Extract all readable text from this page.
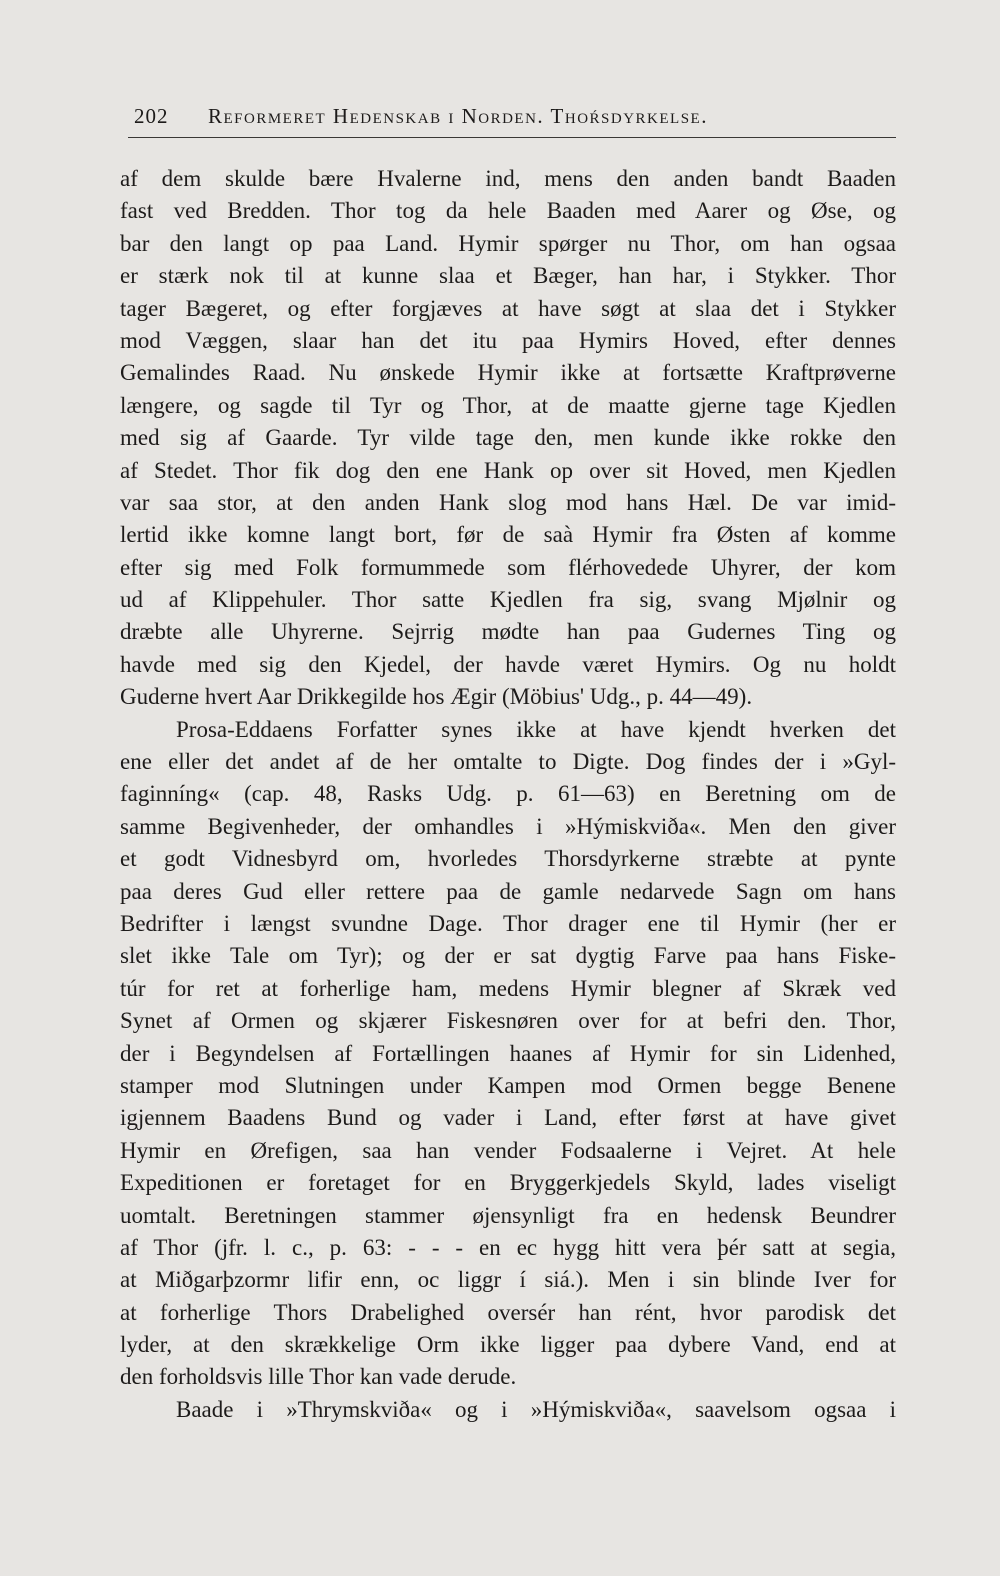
202 Reformeret Hedenskab i Norden. Thoŕsdyrkelse.
af dem skulde bære Hvalerne ind, mens den anden bandt Baaden
fast ved Bredden. Thor tog da hele Baaden med Aarer og Øse, og
bar den langt op paa Land. Hymir spørger nu Thor, om han ogsaa
er stærk nok til at kunne slaa et Bæger, han har, i Stykker. Thor
tager Bægeret, og efter forgjæves at have søgt at slaa det i Stykker
mod Væggen, slaar han det itu paa Hymirs Hoved, efter dennes
Gemalindes Raad. Nu ønskede Hymir ikke at fortsætte Kraftprøverne
længere, og sagde til Tyr og Thor, at de maatte gjerne tage Kjedlen
med sig af Gaarde. Tyr vilde tage den, men kunde ikke rokke den
af Stedet. Thor fik dog den ene Hank op over sit Hoved, men Kjedlen
var saa stor, at den anden Hank slog mod hans Hæl. De var imid-
lertid ikke komne langt bort, før de saà Hymir fra Østen af komme
efter sig med Folk formummede som flérhovedede Uhyrer, der kom
ud af Klippehuler. Thor satte Kjedlen fra sig, svang Mjølnir og
dræbte alle Uhyrerne. Sejrrig mødte han paa Gudernes Ting og
havde med sig den Kjedel, der havde været Hymirs. Og nu holdt
Guderne hvert Aar Drikkegilde hos Ægir (Möbius' Udg., p. 44—49).
Prosa-Eddaens Forfatter synes ikke at have kjendt hverken det
ene eller det andet af de her omtalte to Digte. Dog findes der i »Gyl-
faginníng« (cap. 48, Rasks Udg. p. 61—63) en Beretning om de
samme Begivenheder, der omhandles i »Hýmiskviða«. Men den giver
et godt Vidnesbyrd om, hvorledes Thorsdyrkerne stræbte at pynte
paa deres Gud eller rettere paa de gamle nedarvede Sagn om hans
Bedrifter i længst svundne Dage. Thor drager ene til Hymir (her er
slet ikke Tale om Tyr); og der er sat dygtig Farve paa hans Fiske-
túr for ret at forherlige ham, medens Hymir blegner af Skræk ved
Synet af Ormen og skjærer Fiskesnøren over for at befri den. Thor,
der i Begyndelsen af Fortællingen haanes af Hymir for sin Lidenhed,
stamper mod Slutningen under Kampen mod Ormen begge Benene
igjennem Baadens Bund og vader i Land, efter først at have givet
Hymir en Ørefigen, saa han vender Fodsaalerne i Vejret. At hele
Expeditionen er foretaget for en Bryggerkjedels Skyld, lades viseligt
uomtalt. Beretningen stammer øjensynligt fra en hedensk Beundrer
af Thor (jfr. l. c., p. 63: - - - en ec hygg hitt vera þér satt at segia,
at Miðgarþzormr lifir enn, oc liggr í siá.). Men i sin blinde Iver for
at forherlige Thors Drabelighed oversér han rént, hvor parodisk det
lyder, at den skrækkelige Orm ikke ligger paa dybere Vand, end at
den forholdsvis lille Thor kan vade derude.
Baade i »Thrymskviða« og i »Hýmiskviða«, saavelsom ogsaa i
